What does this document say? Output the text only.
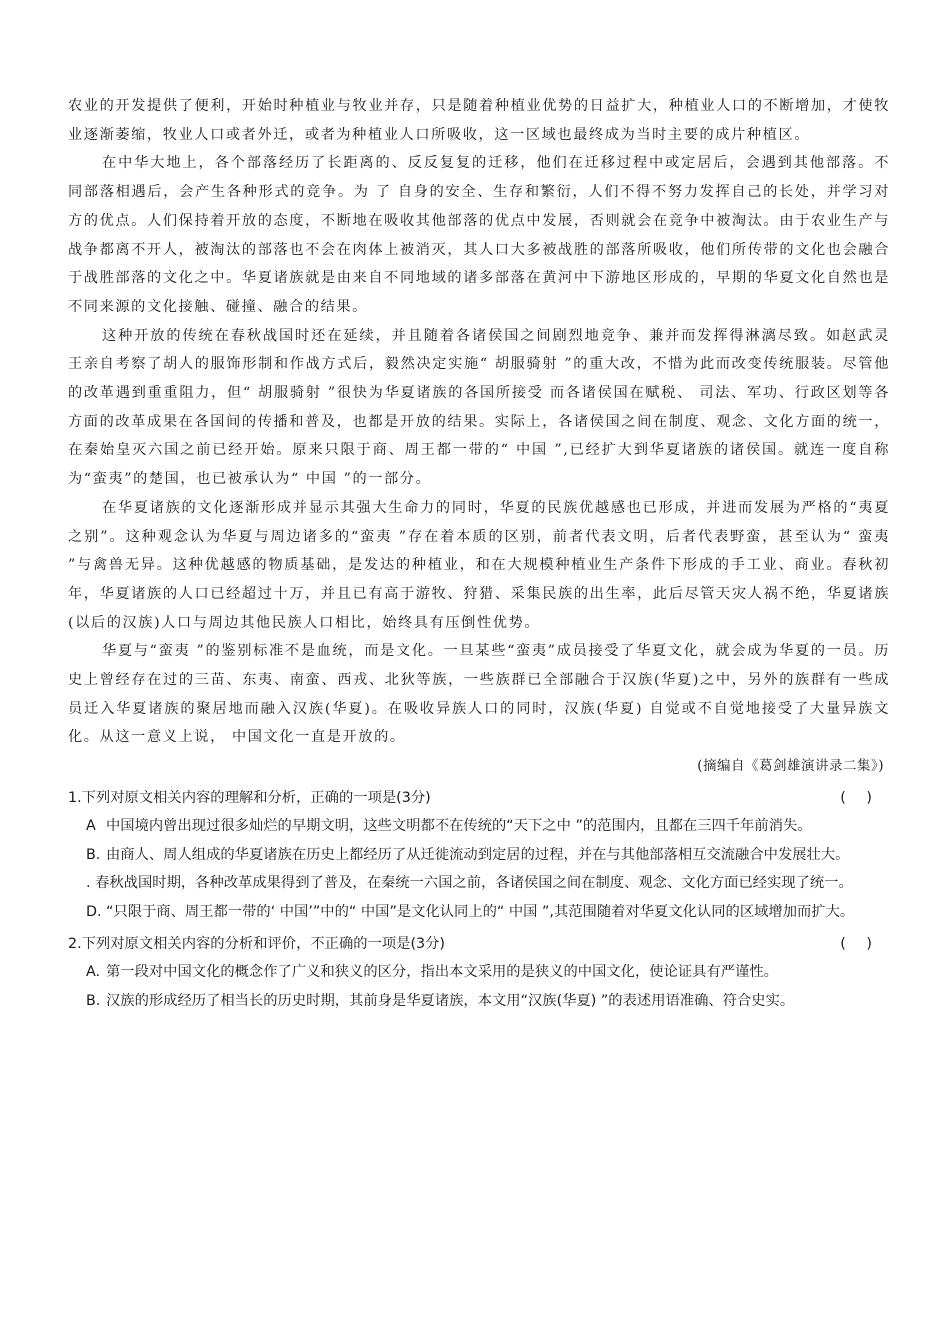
农业的开发提供了便利，开始时种植业与牧业并存，只是随着种植业优势的日益扩大，种植业人口的不断增加，才使牧业逐渐萎缩，牧业人口或者外迁，或者为种植业人口所吸收，这一区域也最终成为当时主要的成片种植区。

在中华大地上，各个部落经历了长距离的、反反复复的迁移，他们在迁移过程中或定居后，会遇到其他部落。不同部落相遇后，会产生各种形式的竞争。为 了 自身的安全、生存和繁衍，人们不得不努力发挥自己的长处，并学习对方的优点。人们保持着开放的态度，不断地在吸收其他部落的优点中发展，否则就会在竞争中被淘汰。由于农业生产与战争都离不开人，被淘汰的部落也不会在肉体上被消灭，其人口大多被战胜的部落所吸收，他们所传带的文化也会融合于战胜部落的文化之中。华夏诸族就是由来自不同地域的诸多部落在黄河中下游地区形成的，早期的华夏文化自然也是不同来源的文化接触、碰撞、融合的结果。

这种开放的传统在春秋战国时还在延续，并且随着各诸侯国之间剧烈地竞争、兼并而发挥得淋漓尽致。如赵武灵王亲自考察了胡人的服饰形制和作战方式后，毅然决定实施“ 胡服骑射 ”的重大改，不惜为此而改变传统服装。尽管他的改革遇到重重阻力，但“ 胡服骑射 ”很快为华夏诸族的各国所接受 而各诸侯国在赋税、 司法、军功、行政区划等各方面的改革成果在各国间的传播和普及，也都是开放的结果。实际上，各诸侯国之间在制度、观念、文化方面的统一，在秦始皇灭六国之前已经开始。原来只限于商、周王都一带的“ 中国 ”,已经扩大到华夏诸族的诸侯国。就连一度自称为“蛮夷”的楚国，也已被承认为“ 中国 ”的一部分。

在华夏诸族的文化逐渐形成并显示其强大生命力的同时，华夏的民族优越感也已形成，并进而发展为严格的“夷夏之别”。这种观念认为华夏与周边诸多的“蛮夷 ”存在着本质的区别，前者代表文明，后者代表野蛮，甚至认为“ 蛮夷 ”与禽兽无异。这种优越感的物质基础，是发达的种植业，和在大规模种植业生产条件下形成的手工业、商业。春秋初年，华夏诸族的人口已经超过十万，并且已有高于游牧、狩猎、采集民族的出生率，此后尽管天灾人祸不绝，华夏诸族(以后的汉族)人口与周边其他民族人口相比，始终具有压倒性优势。

华夏与“蛮夷 ”的鉴别标准不是血统，而是文化。一旦某些“蛮夷”成员接受了华夏文化，就会成为华夏的一员。历史上曾经存在过的三苗、东夷、南蛮、西戎、北狄等族，一些族群已全部融合于汉族(华夏)之中，另外的族群有一些成员迁入华夏诸族的聚居地而融入汉族(华夏)。在吸收异族人口的同时，汉族(华夏) 自觉或不自觉地接受了大量异族文化。从这一意义上说， 中国文化一直是开放的。

(摘编自《葛剑雄演讲录二集》)

1.下列对原文相关内容的理解和分析，正确的一项是(3分)	( )

A 中国境内曾出现过很多灿烂的早期文明，这些文明都不在传统的“天下之中 ”的范围内，且都在三四千年前消失。

B. 由商人、周人组成的华夏诸族在历史上都经历了从迁徙流动到定居的过程，并在与其他部落相互交流融合中发展壮大。

. 春秋战国时期，各种改革成果得到了普及，在秦统一六国之前，各诸侯国之间在制度、观念、文化方面已经实现了统一。

D. “只限于商、周王都一带的‘ 中国’”中的“ 中国”是文化认同上的“ 中国 ”,其范围随着对华夏文化认同的区域增加而扩大。

2.下列对原文相关内容的分析和评价，不正确的一项是(3分)	( )

A. 第一段对中国文化的概念作了广义和狭义的区分，指出本文采用的是狭义的中国文化，使论证具有严谨性。

B. 汉族的形成经历了相当长的历史时期，其前身是华夏诸族，本文用“汉族(华夏) ”的表述用语准确、符合史实。
